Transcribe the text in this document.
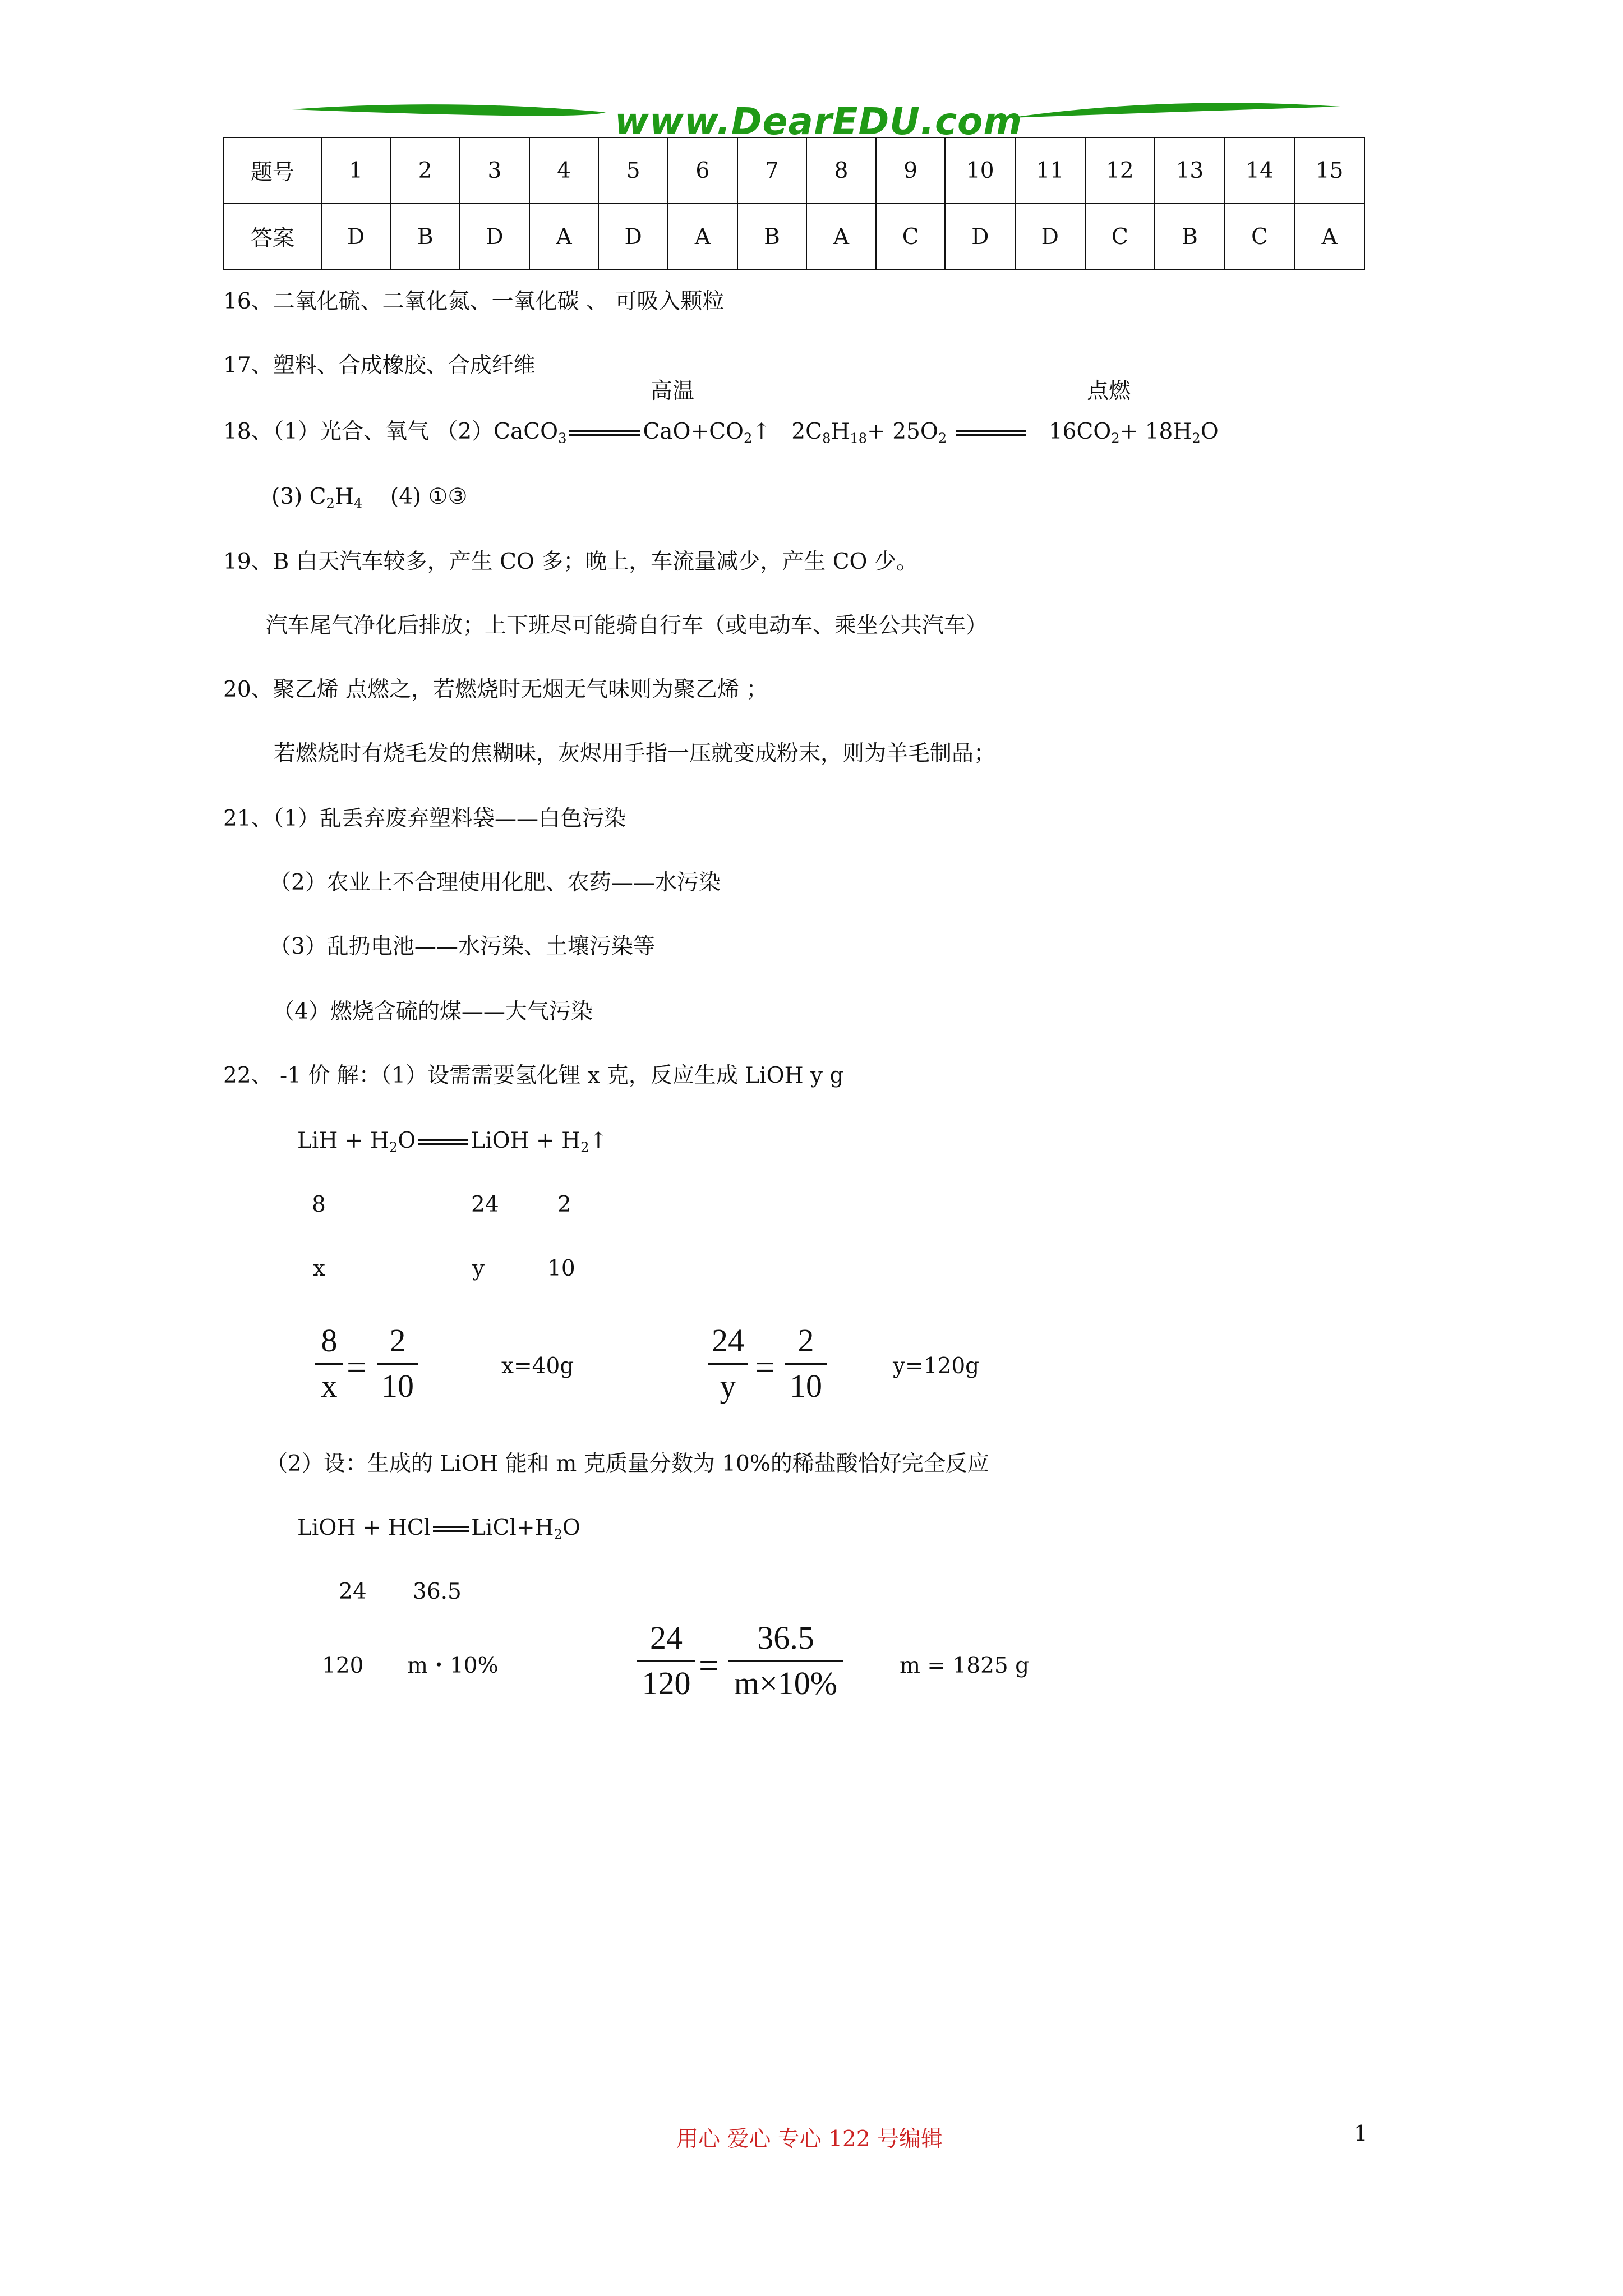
www.DearEDU.com
题号	1	2	3	4	5	6	7	8	9	10	11	12	13	14	15
答案	D	B	D	A	D	A	B	A	C	D	D	C	B	C	A
16、二氧化硫、二氧化氮、一氧化碳 、 可吸入颗粒
17、塑料、合成橡胶、合成纤维
高温	点燃
18、（1）光合、氧气 （2）CaCO$_3$	$CaO+CO_2↑$ $2C_8H_{18}+ 25O_2$	$16CO_2+ 18H_2O$
(3) $C_2H_4$ (4) ①③
19、B 白天汽车较多，产生 CO 多；晚上，车流量减少，产生 CO 少。
汽车尾气净化后排放；上下班尽可能骑自行车（或电动车、乘坐公共汽车）
20、聚乙烯 点燃之，若燃烧时无烟无气味则为聚乙烯 ；
若燃烧时有烧毛发的焦糊味，灰烬用手指一压就变成粉末，则为羊毛制品；
21、（1）乱丢弃废弃塑料袋——白色污染
（2）农业上不合理使用化肥、农药——水污染
（3）乱扔电池——水污染、土壤污染等
（4）燃烧含硫的煤——大气污染
22、 -1 价 解：（1）设需需要氢化锂 x 克，反应生成 LiOH y g
LiH + $H_2O$	LiOH + $H_2↑$
8	24	2
x	y	10
8
x =
2
10
x=40g
24
y =
2
10
y=120g
（2）设：生成的 LiOH 能和 m 克质量分数为 10%的稀盐酸恰好完全反应
LiOH + HCl $LiCl+H_2O$
24 36.5
120 m・10%
24
120 =
36.5
m×10%	m = 1825 g
用心 爱心 专心 122 号编辑	1
